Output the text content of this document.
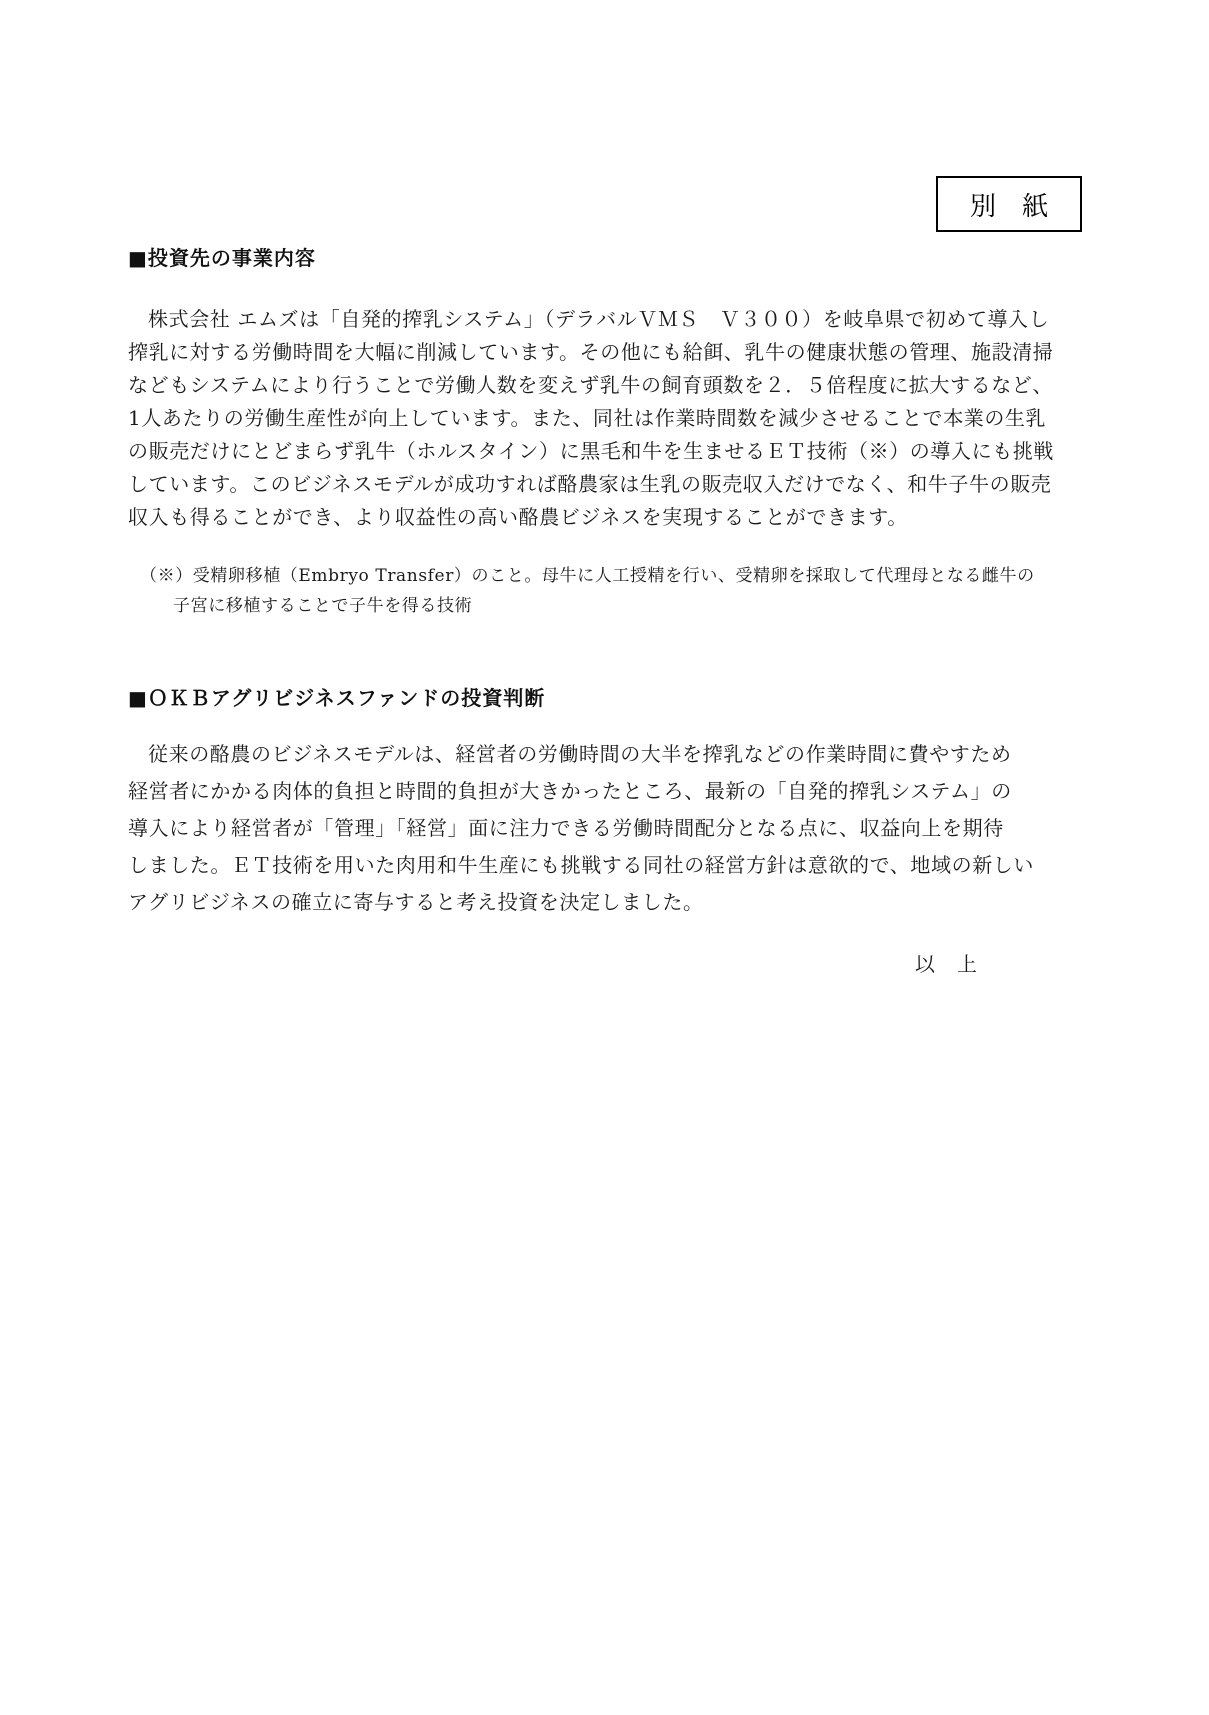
別　紙
■投資先の事業内容
株式会社 エムズは「自発的搾乳システム」（デラバルＶＭＳ　Ｖ３００）を岐阜県で初めて導入し
搾乳に対する労働時間を大幅に削減しています。その他にも給餌、乳牛の健康状態の管理、施設清掃
などもシステムにより行うことで労働人数を変えず乳牛の飼育頭数を２．５倍程度に拡大するなど、
1人あたりの労働生産性が向上しています。また、同社は作業時間数を減少させることで本業の生乳
の販売だけにとどまらず乳牛（ホルスタイン）に黒毛和牛を生ませるＥＴ技術（※）の導入にも挑戦
しています。このビジネスモデルが成功すれば酪農家は生乳の販売収入だけでなく、和牛子牛の販売
収入も得ることができ、より収益性の高い酪農ビジネスを実現することができます。
（※）受精卵移植（Embryo Transfer）のこと。母牛に人工授精を行い、受精卵を採取して代理母となる雌牛の
子宮に移植することで子牛を得る技術
■ＯＫＢアグリビジネスファンドの投資判断
従来の酪農のビジネスモデルは、経営者の労働時間の大半を搾乳などの作業時間に費やすため
経営者にかかる肉体的負担と時間的負担が大きかったところ、最新の「自発的搾乳システム」の
導入により経営者が「管理」「経営」面に注力できる労働時間配分となる点に、収益向上を期待
しました。ＥＴ技術を用いた肉用和牛生産にも挑戦する同社の経営方針は意欲的で、地域の新しい
アグリビジネスの確立に寄与すると考え投資を決定しました。
以　上
